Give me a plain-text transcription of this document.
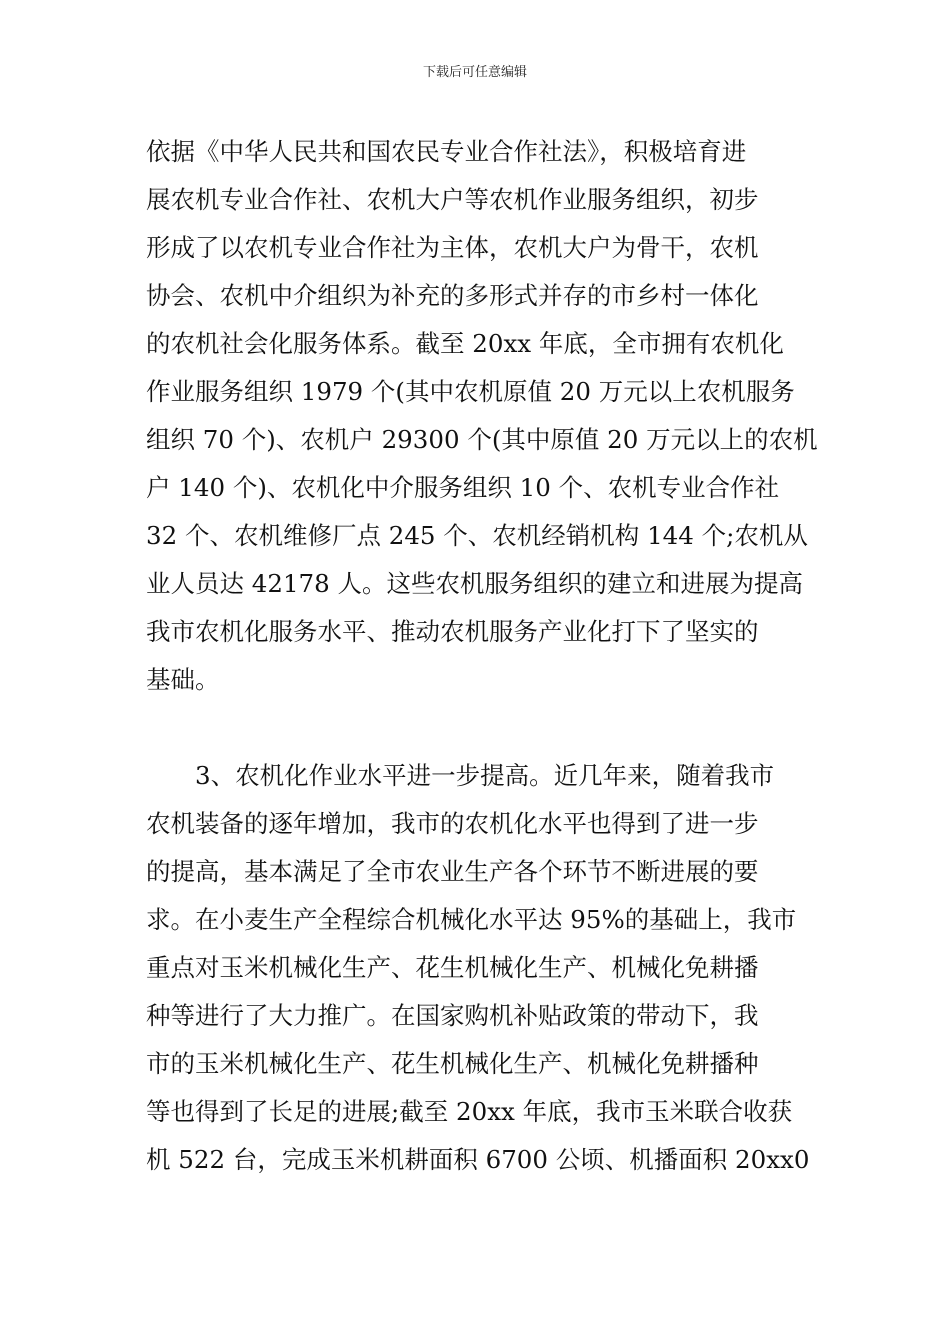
下载后可任意编辑
依据《中华人民共和国农民专业合作社法》，积极培育进
展农机专业合作社、农机大户等农机作业服务组织，初步
形成了以农机专业合作社为主体，农机大户为骨干，农机
协会、农机中介组织为补充的多形式并存的市乡村一体化
的农机社会化服务体系。截至 20xx 年底，全市拥有农机化
作业服务组织 1979 个(其中农机原值 20 万元以上农机服务
组织 70 个)、农机户 29300 个(其中原值 20 万元以上的农机
户 140 个)、农机化中介服务组织 10 个、农机专业合作社
32 个、农机维修厂点 245 个、农机经销机构 144 个;农机从
业人员达 42178 人。这些农机服务组织的建立和进展为提高
我市农机化服务水平、推动农机服务产业化打下了坚实的
基础。
3、农机化作业水平进一步提高。近几年来，随着我市
农机装备的逐年增加，我市的农机化水平也得到了进一步
的提高，基本满足了全市农业生产各个环节不断进展的要
求。在小麦生产全程综合机械化水平达 95%的基础上，我市
重点对玉米机械化生产、花生机械化生产、机械化免耕播
种等进行了大力推广。在国家购机补贴政策的带动下，我
市的玉米机械化生产、花生机械化生产、机械化免耕播种
等也得到了长足的进展;截至 20xx 年底，我市玉米联合收获
机 522 台，完成玉米机耕面积 6700 公顷、机播面积 20xx0
